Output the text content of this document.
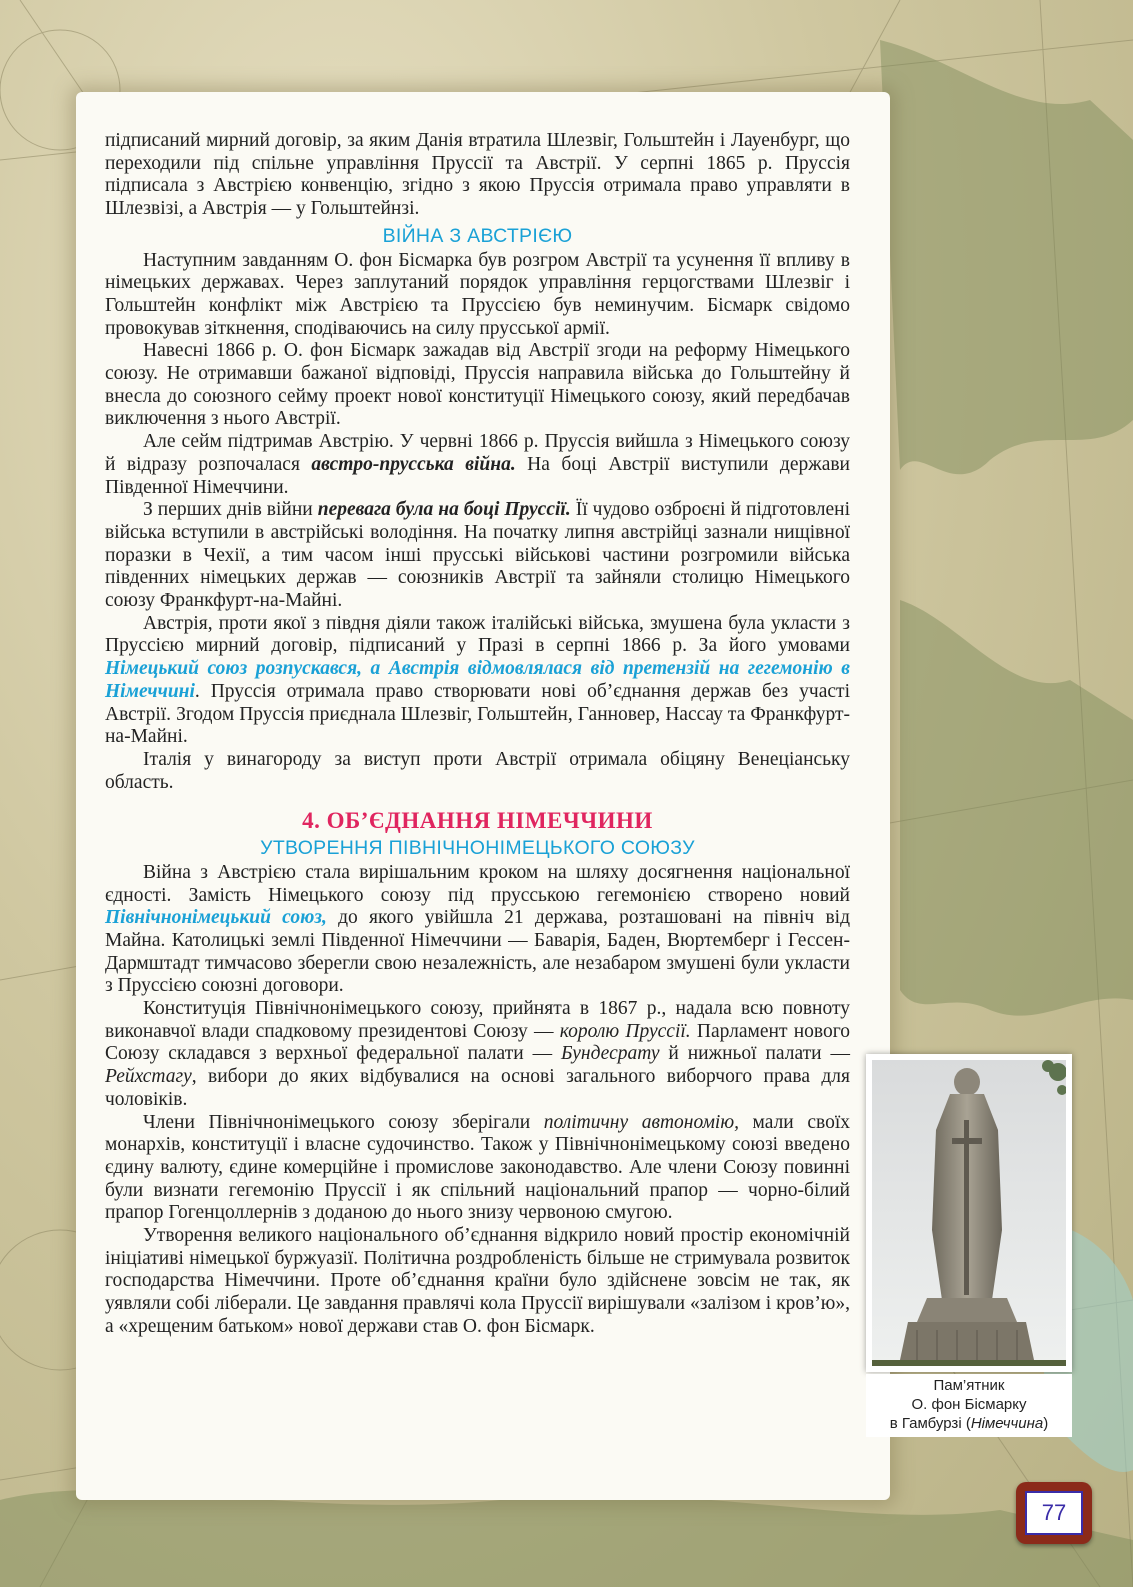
підписаний мирний договір, за яким Данія втратила Шлезвіг, Гольштейн і Лауенбург, що переходили під спільне управління Пруссії та Австрії. У серпні 1865 р. Пруссія підписала з Австрією конвенцію, згідно з якою Пруссія отримала право управляти в Шлезвізі, а Австрія — у Гольштейнзі.

ВІЙНА З АВСТРІЄЮ

Наступним завданням О. фон Бісмарка був розгром Австрії та усунення її впливу в німецьких державах. Через заплутаний порядок управління герцогствами Шлезвіг і Гольштейн конфлікт між Австрією та Пруссією був неминучим. Бісмарк свідомо провокував зіткнення, сподіваючись на силу прусської армії.

Навесні 1866 р. О. фон Бісмарк зажадав від Австрії згоди на реформу Німецького союзу. Не отримавши бажаної відповіді, Пруссія направила війська до Гольштейну й внесла до союзного сейму проект нової конституції Німецького союзу, який передбачав виключення з нього Австрії.

Але сейм підтримав Австрію. У червні 1866 р. Пруссія вийшла з Німецького союзу й відразу розпочалася австро-прусська війна. На боці Австрії виступили держави Південної Німеччини.

З перших днів війни перевага була на боці Пруссії. Її чудово озброєні й підготовлені війська вступили в австрійські володіння. На початку липня австрійці зазнали нищівної поразки в Чехії, а тим часом інші прусські військові частини розгромили війська південних німецьких держав — союзників Австрії та зайняли столицю Німецького союзу Франкфурт-на-Майні.

Австрія, проти якої з півдня діяли також італійські війська, змушена була укласти з Пруссією мирний договір, підписаний у Празі в серпні 1866 р. За його умовами Німецький союз розпускався, а Австрія відмовлялася від претензій на гегемонію в Німеччині. Пруссія отримала право створювати нові об’єднання держав без участі Австрії. Згодом Пруссія приєднала Шлезвіг, Гольштейн, Ганновер, Нассау та Франкфурт-на-Майні.

Італія у винагороду за виступ проти Австрії отримала обіцяну Венеціанську область.

4. ОБ’ЄДНАННЯ НІМЕЧЧИНИ
УТВОРЕННЯ ПІВНІЧНОНІМЕЦЬКОГО СОЮЗУ

Війна з Австрією стала вирішальним кроком на шляху досягнення національної єдності. Замість Німецького союзу під прусською гегемонією створено новий Північнонімецький союз, до якого увійшла 21 держава, розташовані на північ від Майна. Католицькі землі Південної Німеччини — Баварія, Баден, Вюртемберг і Гессен-Дармштадт тимчасово зберегли свою незалежність, але незабаром змушені були укласти з Пруссією союзні договори.

Конституція Північнонімецького союзу, прийнята в 1867 р., надала всю повноту виконавчої влади спадковому президентові Союзу — королю Пруссії. Парламент нового Союзу складався з верхньої федеральної палати — Бундесрату й нижньої палати — Рейхстагу, вибори до яких відбувалися на основі загального виборчого права для чоловіків.

Члени Північнонімецького союзу зберігали політичну автономію, мали своїх монархів, конституції і власне судочинство. Також у Північнонімецькому союзі введено єдину валюту, єдине комерційне і промислове законодавство. Але члени Союзу повинні були визнати гегемонію Пруссії і як спільний національний прапор — чорно-білий прапор Гогенцоллернів з доданою до нього знизу червоною смугою.

Утворення великого національного об’єднання відкрило новий простір економічній ініціативі німецької буржуазії. Політична роздробленість більше не стримувала розвиток господарства Німеччини. Проте об’єднання країни було здійснене зовсім не так, як уявляли собі ліберали. Це завдання правлячі кола Пруссії вирішували «залізом і кров’ю», а «хрещеним батьком» нової держави став О. фон Бісмарк.

Пам’ятник
О. фон Бісмарку
в Гамбурзі (Німеччина)
77
